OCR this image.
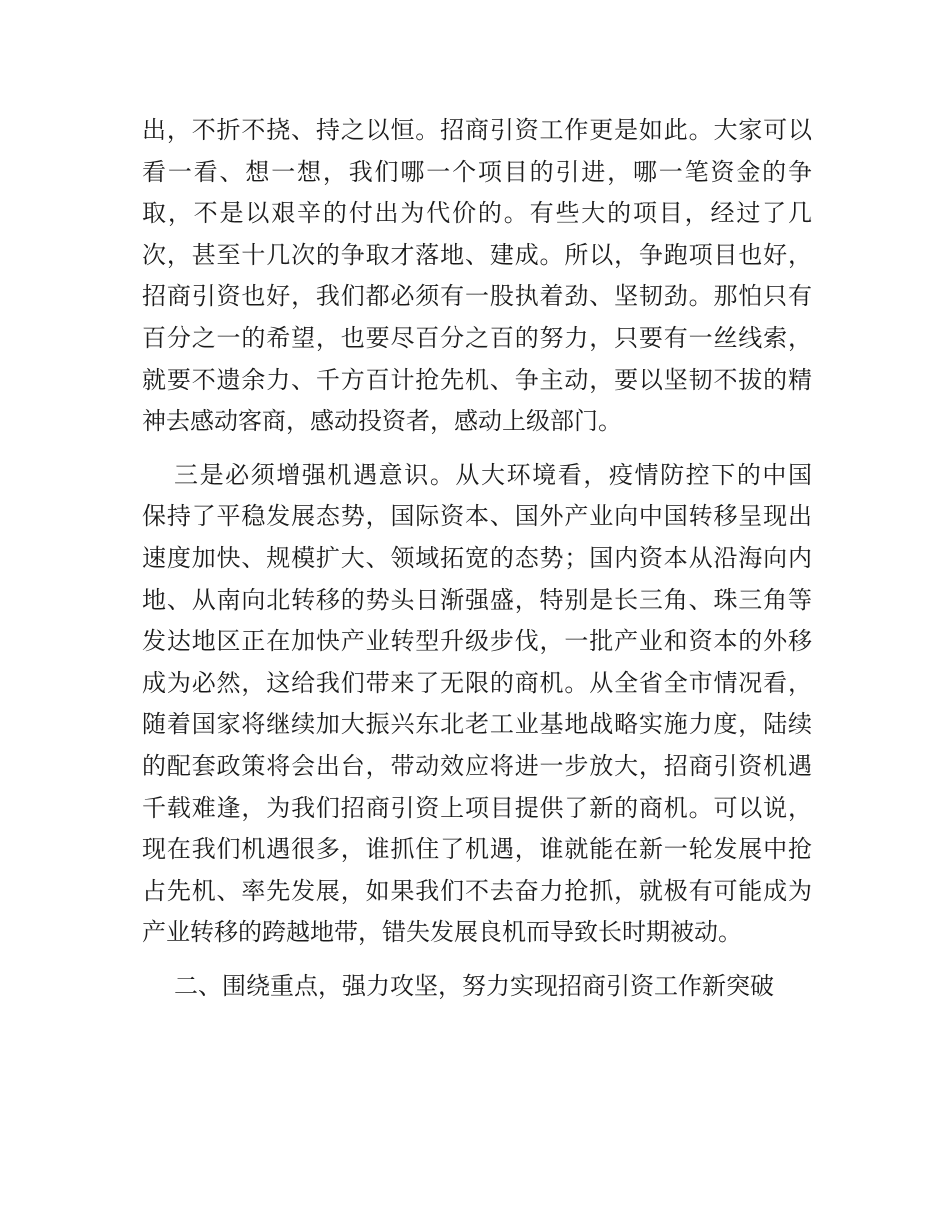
出，不折不挠、持之以恒。招商引资工作更是如此。大家可以
看一看、想一想，我们哪一个项目的引进，哪一笔资金的争
取，不是以艰辛的付出为代价的。有些大的项目，经过了几
次，甚至十几次的争取才落地、建成。所以，争跑项目也好，
招商引资也好，我们都必须有一股执着劲、坚韧劲。那怕只有
百分之一的希望，也要尽百分之百的努力，只要有一丝线索，
就要不遗余力、千方百计抢先机、争主动，要以坚韧不拔的精
神去感动客商，感动投资者，感动上级部门。
三是必须增强机遇意识。从大环境看，疫情防控下的中国
保持了平稳发展态势，国际资本、国外产业向中国转移呈现出
速度加快、规模扩大、领域拓宽的态势；国内资本从沿海向内
地、从南向北转移的势头日渐强盛，特别是长三角、珠三角等
发达地区正在加快产业转型升级步伐，一批产业和资本的外移
成为必然，这给我们带来了无限的商机。从全省全市情况看，
随着国家将继续加大振兴东北老工业基地战略实施力度，陆续
的配套政策将会出台，带动效应将进一步放大，招商引资机遇
千载难逢，为我们招商引资上项目提供了新的商机。可以说，
现在我们机遇很多，谁抓住了机遇，谁就能在新一轮发展中抢
占先机、率先发展，如果我们不去奋力抢抓，就极有可能成为
产业转移的跨越地带，错失发展良机而导致长时期被动。
二、围绕重点，强力攻坚，努力实现招商引资工作新突破
